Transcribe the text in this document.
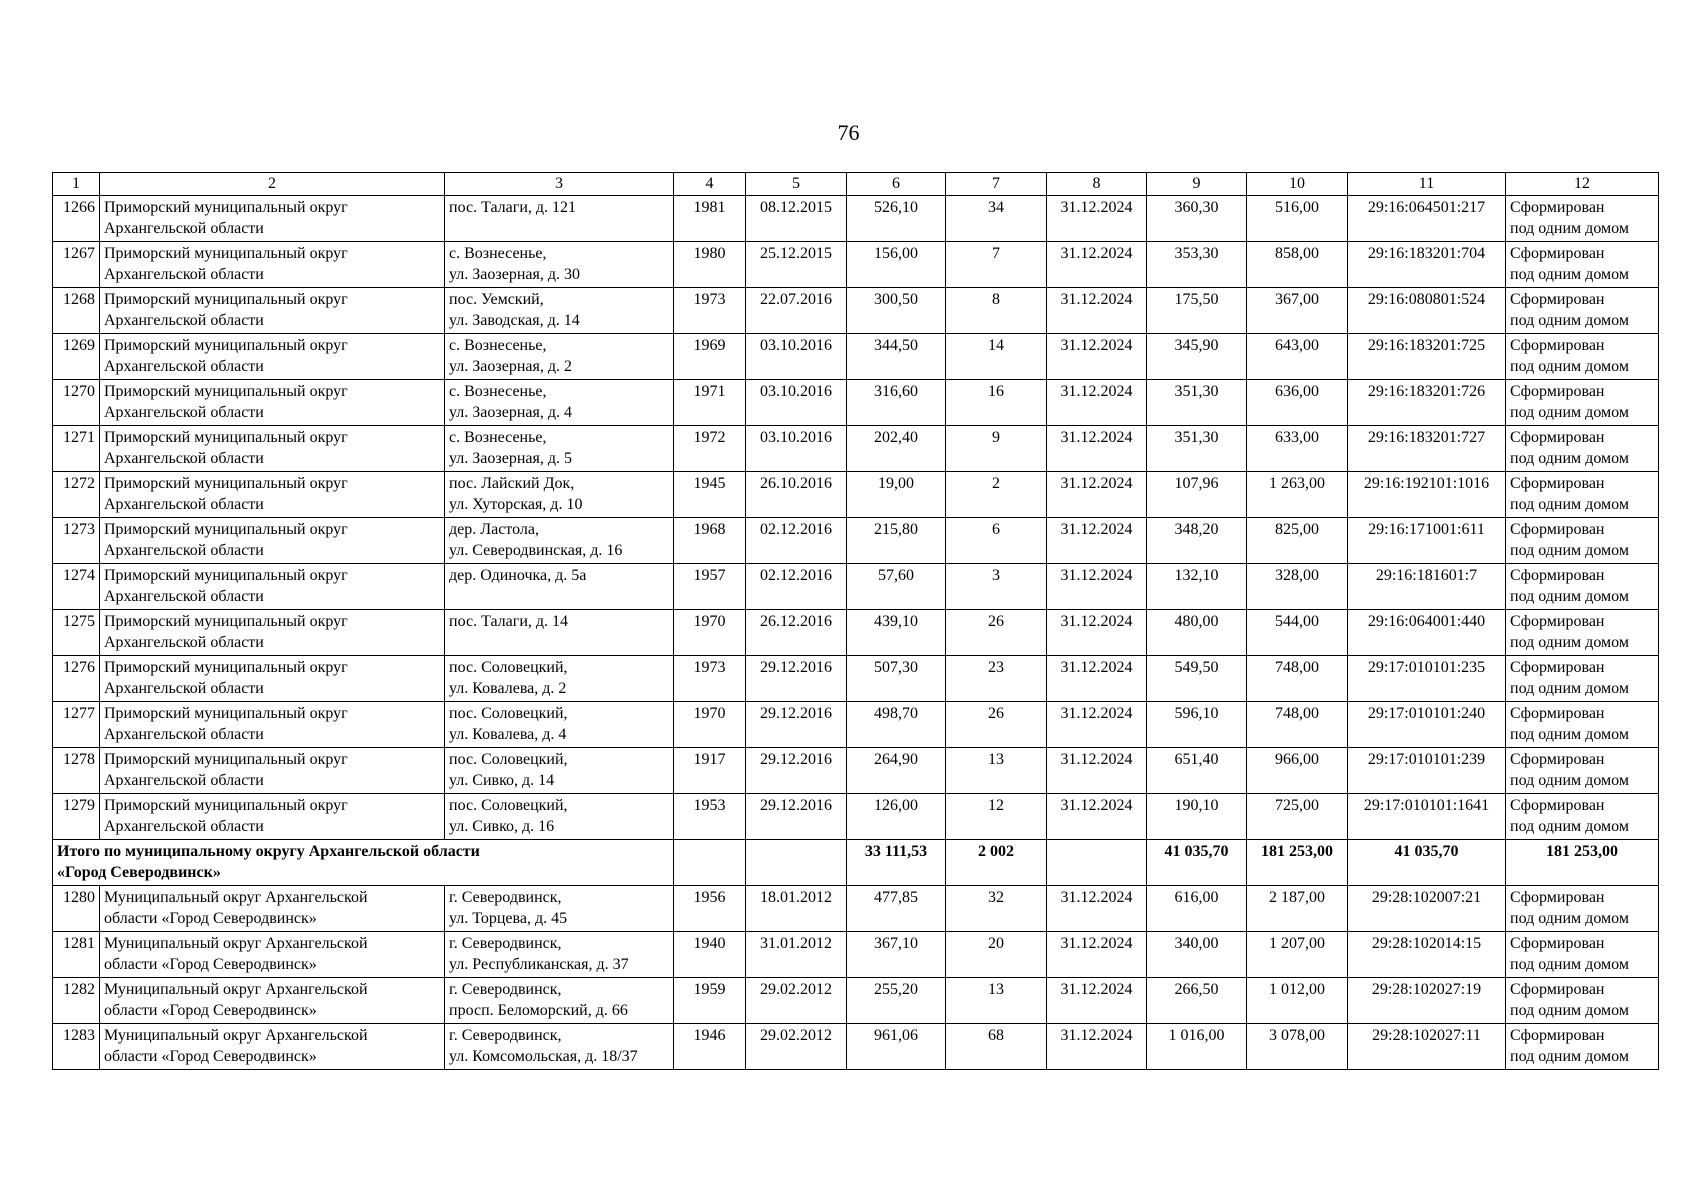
76
1	2	3	4	5	6	7	8	9	10	11	12
1266	Приморский муниципальный округ
Архангельской области	пос. Талаги, д. 121	1981	08.12.2015	526,10	34	31.12.2024	360,30	516,00	29:16:064501:217	Сформирован
под одним домом

1267	Приморский муниципальный округ
Архангельской области	с. Вознесенье,
ул. Заозерная, д. 30	1980	25.12.2015	156,00	7	31.12.2024	353,30	858,00	29:16:183201:704	Сформирован
под одним домом

1268	Приморский муниципальный округ
Архангельской области	пос. Уемский,
ул. Заводская, д. 14	1973	22.07.2016	300,50	8	31.12.2024	175,50	367,00	29:16:080801:524	Сформирован
под одним домом

1269	Приморский муниципальный округ
Архангельской области	с. Вознесенье,
ул. Заозерная, д. 2	1969	03.10.2016	344,50	14	31.12.2024	345,90	643,00	29:16:183201:725	Сформирован
под одним домом

1270	Приморский муниципальный округ
Архангельской области	с. Вознесенье,
ул. Заозерная, д. 4	1971	03.10.2016	316,60	16	31.12.2024	351,30	636,00	29:16:183201:726	Сформирован
под одним домом

1271	Приморский муниципальный округ
Архангельской области	с. Вознесенье,
ул. Заозерная, д. 5	1972	03.10.2016	202,40	9	31.12.2024	351,30	633,00	29:16:183201:727	Сформирован
под одним домом

1272	Приморский муниципальный округ
Архангельской области	пос. Лайский Док,
ул. Хуторская, д. 10	1945	26.10.2016	19,00	2	31.12.2024	107,96	1 263,00	29:16:192101:1016	Сформирован
под одним домом

1273	Приморский муниципальный округ
Архангельской области	дер. Ластола,
ул. Северодвинская, д. 16	1968	02.12.2016	215,80	6	31.12.2024	348,20	825,00	29:16:171001:611	Сформирован
под одним домом

1274	Приморский муниципальный округ
Архангельской области	дер. Одиночка, д. 5а	1957	02.12.2016	57,60	3	31.12.2024	132,10	328,00	29:16:181601:7	Сформирован
под одним домом

1275	Приморский муниципальный округ
Архангельской области	пос. Талаги, д. 14	1970	26.12.2016	439,10	26	31.12.2024	480,00	544,00	29:16:064001:440	Сформирован
под одним домом

1276	Приморский муниципальный округ
Архангельской области	пос. Соловецкий,
ул. Ковалева, д. 2	1973	29.12.2016	507,30	23	31.12.2024	549,50	748,00	29:17:010101:235	Сформирован
под одним домом

1277	Приморский муниципальный округ
Архангельской области	пос. Соловецкий,
ул. Ковалева, д. 4	1970	29.12.2016	498,70	26	31.12.2024	596,10	748,00	29:17:010101:240	Сформирован
под одним домом

1278	Приморский муниципальный округ
Архангельской области	пос. Соловецкий,
ул. Сивко, д. 14	1917	29.12.2016	264,90	13	31.12.2024	651,40	966,00	29:17:010101:239	Сформирован
под одним домом

1279	Приморский муниципальный округ
Архангельской области	пос. Соловецкий,
ул. Сивко, д. 16	1953	29.12.2016	126,00	12	31.12.2024	190,10	725,00	29:17:010101:1641	Сформирован
под одним домом

Итого по муниципальному округу Архангельской области
«Город Северодвинск»					33 111,53	2 002		41 035,70	181 253,00	41 035,70	181 253,00
1280	Муниципальный округ Архангельской
области «Город Северодвинск»	г. Северодвинск,
ул. Торцева, д. 45	1956	18.01.2012	477,85	32	31.12.2024	616,00	2 187,00	29:28:102007:21	Сформирован
под одним домом

1281	Муниципальный округ Архангельской
области «Город Северодвинск»	г. Северодвинск,
ул. Республиканская, д. 37	1940	31.01.2012	367,10	20	31.12.2024	340,00	1 207,00	29:28:102014:15	Сформирован
под одним домом

1282	Муниципальный округ Архангельской
области «Город Северодвинск»	г. Северодвинск,
просп. Беломорский, д. 66	1959	29.02.2012	255,20	13	31.12.2024	266,50	1 012,00	29:28:102027:19	Сформирован
под одним домом

1283	Муниципальный округ Архангельской
области «Город Северодвинск»	г. Северодвинск,
ул. Комсомольская, д. 18/37	1946	29.02.2012	961,06	68	31.12.2024	1 016,00	3 078,00	29:28:102027:11	Сформирован
под одним домом
